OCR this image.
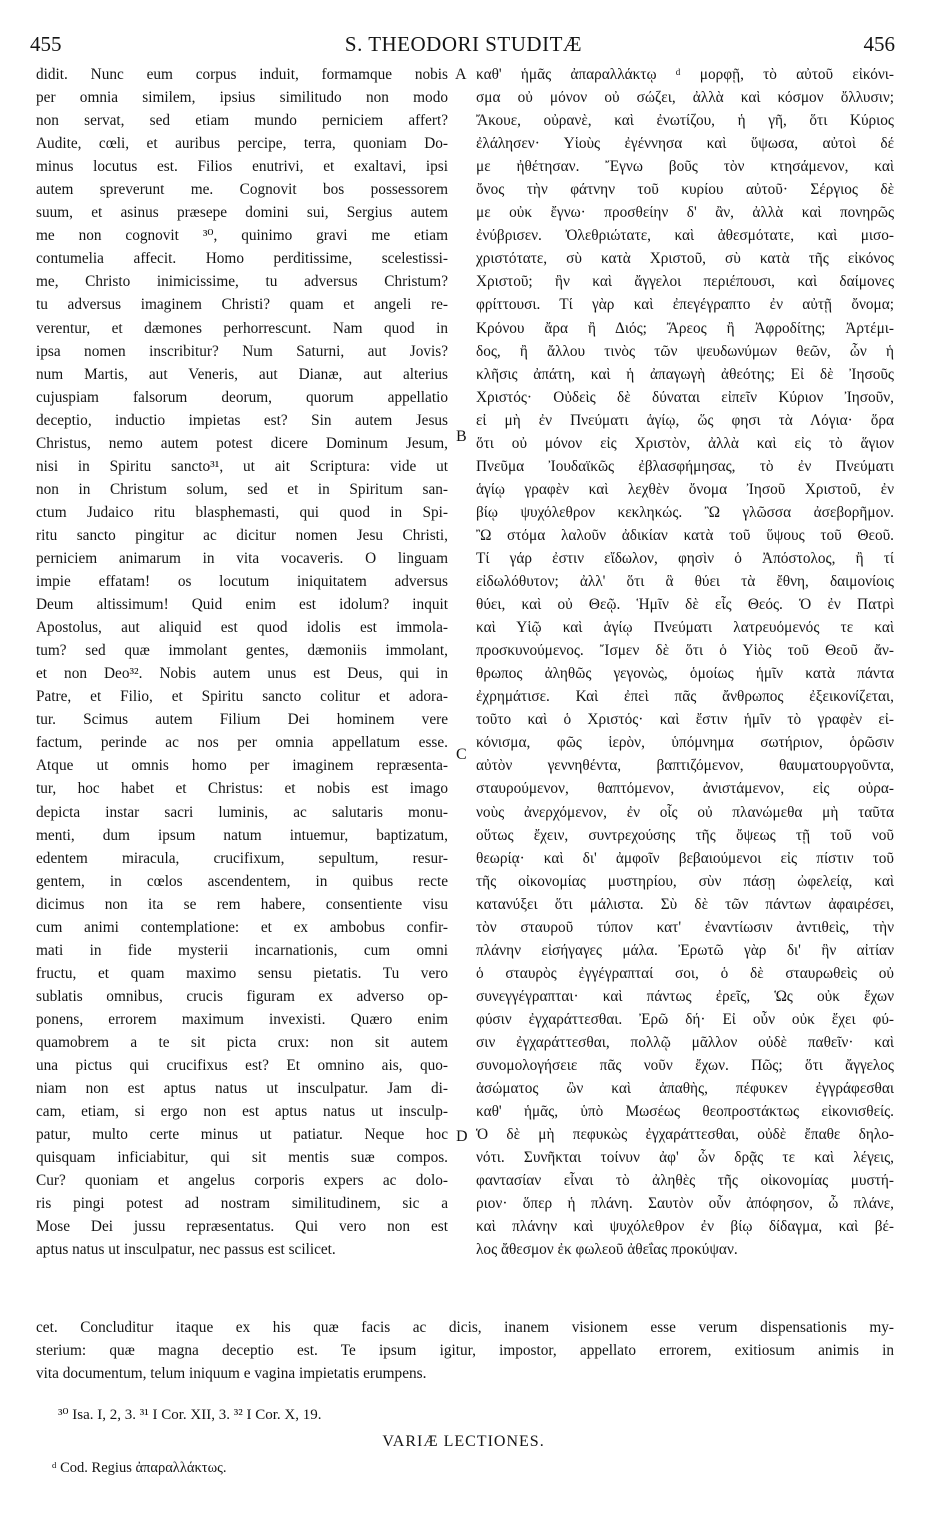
455	S. THEODORI STUDITÆ	456
didit. Nunc eum corpus induit, formamque nobis
per omnia similem, ipsius similitudo non modo
non servat, sed etiam mundo perniciem affert?
Audite, cœli, et auribus percipe, terra, quoniam Do-
minus locutus est. Filios enutrivi, et exaltavi, ipsi
autem spreverunt me. Cognovit bos possessorem
suum, et asinus præsepe domini sui, Sergius autem
me non cognovit ³⁰, quinimo gravi me etiam
contumelia affecit. Homo perditissime, scelestissi-
me, Christo inimicissime, tu adversus Christum?
tu adversus imaginem Christi? quam et angeli re-
verentur, et dæmones perhorrescunt. Nam quod in
ipsa nomen inscribitur? Num Saturni, aut Jovis?
num Martis, aut Veneris, aut Dianæ, aut alterius
cujuspiam falsorum deorum, quorum appellatio
deceptio, inductio impietas est? Sin autem Jesus
Christus, nemo autem potest dicere Dominum Jesum,
nisi in Spiritu sancto³¹, ut ait Scriptura: vide ut
non in Christum solum, sed et in Spiritum san-
ctum Judaico ritu blasphemasti, qui quod in Spi-
ritu sancto pingitur ac dicitur nomen Jesu Christi,
perniciem animarum in vita vocaveris. O linguam
impie effatam! os locutum iniquitatem adversus
Deum altissimum! Quid enim est idolum? inquit
Apostolus, aut aliquid est quod idolis est immola-
tum? sed quæ immolant gentes, dæmoniis immolant,
et non Deo³². Nobis autem unus est Deus, qui in
Patre, et Filio, et Spiritu sancto colitur et adora-
tur. Scimus autem Filium Dei hominem vere
factum, perinde ac nos per omnia appellatum esse.
Atque ut omnis homo per imaginem repræsenta-
tur, hoc habet et Christus: et nobis est imago
depicta instar sacri luminis, ac salutaris monu-
menti, dum ipsum natum intuemur, baptizatum,
edentem miracula, crucifixum, sepultum, resur-
gentem, in cœlos ascendentem, in quibus recte
dicimus non ita se rem habere, consentiente visu
cum animi contemplatione: et ex ambobus confir-
mati in fide mysterii incarnationis, cum omni
fructu, et quam maximo sensu pietatis. Tu vero
sublatis omnibus, crucis figuram ex adverso op-
ponens, errorem maximum invexisti. Quæro enim
quamobrem a te sit picta crux: non sit autem
una pictus qui crucifixus est? Et omnino ais, quo-
niam non est aptus natus ut insculpatur. Jam di-
cam, etiam, si ergo non est aptus natus ut insculp-
patur, multo certe minus ut patiatur. Neque hoc
quisquam inficiabitur, qui sit mentis suæ compos.
Cur? quoniam et angelus corporis expers ac dolo-
ris pingi potest ad nostram similitudinem, sic a
Mose Dei jussu repræsentatus. Qui vero non est
aptus natus ut insculpatur, nec passus est scilicet.
καθ' ἡμᾶς ἀπαραλλάκτῳ ᵈ μορφῇ, τὸ αὐτοῦ εἰκόνι-
σμα οὐ μόνον οὐ σώζει, ἀλλὰ καὶ κόσμον ὄλλυσιν;
Ἄκουε, οὐρανὲ, καὶ ἐνωτίζου, ἡ γῆ, ὅτι Κύριος
ἐλάλησεν· Υἱοὺς ἐγέννησα καὶ ὕψωσα, αὐτοὶ δέ
με ἠθέτησαν. Ἔγνω βοῦς τὸν κτησάμενον, καὶ
ὄνος τὴν φάτνην τοῦ κυρίου αὐτοῦ· Σέργιος δὲ
με οὐκ ἔγνω· προσθείην δ' ἂν, ἀλλὰ καὶ πονηρῶς
ἐνύβρισεν. Ὀλεθριώτατε, καὶ ἀθεσμότατε, καὶ μισο-
χριστότατε, σὺ κατὰ Χριστοῦ, σὺ κατὰ τῆς εἰκόνος
Χριστοῦ; ἣν καὶ ἄγγελοι περιέπουσι, καὶ δαίμονες
φρίττουσι. Τί γὰρ καὶ ἐπεγέγραπτο ἐν αὐτῇ ὄνομα;
Κρόνου ἄρα ἢ Διός; Ἄρεος ἢ Ἀφροδίτης; Ἀρτέμι-
δος, ἢ ἄλλου τινὸς τῶν ψευδωνύμων θεῶν, ὧν ἡ
κλῆσις ἀπάτη, καὶ ἡ ἀπαγωγὴ ἀθεότης; Εἰ δὲ Ἰησοῦς
Χριστός· Οὐδεὶς δὲ δύναται εἰπεῖν Κύριον Ἰησοῦν,
εἰ μὴ ἐν Πνεύματι ἁγίῳ, ὥς φησι τὰ Λόγια· ὅρα
ὅτι οὐ μόνον εἰς Χριστὸν, ἀλλὰ καὶ εἰς τὸ ἅγιον
Πνεῦμα Ἰουδαϊκῶς ἐβλασφήμησας, τὸ ἐν Πνεύματι
ἁγίῳ γραφὲν καὶ λεχθὲν ὄνομα Ἰησοῦ Χριστοῦ, ἐν
βίῳ ψυχόλεθρον κεκληκώς. Ὢ γλῶσσα ἀσεβορῆμον.
Ὢ στόμα λαλοῦν ἀδικίαν κατὰ τοῦ ὕψους τοῦ Θεοῦ.
Τί γάρ ἐστιν εἴδωλον, φησὶν ὁ Ἀπόστολος, ἢ τί
εἰδωλόθυτον; ἀλλ' ὅτι ἃ θύει τὰ ἔθνη, δαιμονίοις
θύει, καὶ οὐ Θεῷ. Ἡμῖν δὲ εἷς Θεός. Ὁ ἐν Πατρὶ
καὶ Υἱῷ καὶ ἁγίῳ Πνεύματι λατρευόμενός τε καὶ
προσκυνούμενος. Ἴσμεν δὲ ὅτι ὁ Υἱὸς τοῦ Θεοῦ ἄν-
θρωπος ἀληθῶς γεγονὼς, ὁμοίως ἡμῖν κατὰ πάντα
ἐχρημάτισε. Καὶ ἐπεὶ πᾶς ἄνθρωπος ἐξεικονίζεται,
τοῦτο καὶ ὁ Χριστός· καὶ ἔστιν ἡμῖν τὸ γραφὲν εἰ-
κόνισμα, φῶς ἱερὸν, ὑπόμνημα σωτήριον, ὁρῶσιν
αὐτὸν γεννηθέντα, βαπτιζόμενον, θαυματουργοῦντα,
σταυρούμενον, θαπτόμενον, ἀνιστάμενον, εἰς οὐρα-
νοὺς ἀνερχόμενον, ἐν οἷς οὐ πλανώμεθα μὴ ταῦτα
οὕτως ἔχειν, συντρεχούσης τῆς ὄψεως τῇ τοῦ νοῦ
θεωρίᾳ· καὶ δι' ἀμφοῖν βεβαιούμενοι εἰς πίστιν τοῦ
τῆς οἰκονομίας μυστηρίου, σὺν πάσῃ ὠφελείᾳ, καὶ
κατανύξει ὅτι μάλιστα. Σὺ δὲ τῶν πάντων ἀφαιρέσει,
τὸν σταυροῦ τύπον κατ' ἐναντίωσιν ἀντιθεὶς, τὴν
πλάνην εἰσήγαγες μάλα. Ἐρωτῶ γὰρ δι' ἣν αἰτίαν
ὁ σταυρὸς ἐγγέγραπταί σοι, ὁ δὲ σταυρωθεὶς οὐ
συνεγγέγραπται· καὶ πάντως ἐρεῖς, Ὡς οὐκ ἔχων
φύσιν ἐγχαράττεσθαι. Ἐρῶ δή· Εἰ οὖν οὐκ ἔχει φύ-
σιν ἐγχαράττεσθαι, πολλῷ μᾶλλον οὐδὲ παθεῖν· καὶ
συνομολογήσειε πᾶς νοῦν ἔχων. Πῶς; ὅτι ἄγγελος
ἀσώματος ὢν καὶ ἀπαθὴς, πέφυκεν ἐγγράφεσθαι
καθ' ἡμᾶς, ὑπὸ Μωσέως θεοπροστάκτως εἰκονισθείς.
Ὁ δὲ μὴ πεφυκὼς ἐγχαράττεσθαι, οὐδὲ ἔπαθε δηλο-
νότι. Συνῆκται τοίνυν ἀφ' ὧν δρᾷς τε καὶ λέγεις,
φαντασίαν εἶναι τὸ ἀληθὲς τῆς οἰκονομίας μυστή-
ριον· ὅπερ ἡ πλάνη. Σαυτὸν οὖν ἀπόφησον, ὦ πλάνε,
καὶ πλάνην καὶ ψυχόλεθρον ἐν βίῳ δίδαγμα, καὶ βέ-
λος ἄθεσμον ἐκ φωλεοῦ ἀθεΐας προκύψαν.
A
B
C
D
cet. Concluditur itaque ex his quæ facis ac dicis, inanem visionem esse verum dispensationis my-
sterium: quæ magna deceptio est. Te ipsum igitur, impostor, appellato errorem, exitiosum animis in
vita documentum, telum iniquum e vagina impietatis erumpens.
³⁰ Isa. I, 2, 3. ³¹ I Cor. XII, 3. ³² I Cor. X, 19.
VARIÆ LECTIONES.
ᵈ Cod. Regius ἀπαραλλάκτως.
